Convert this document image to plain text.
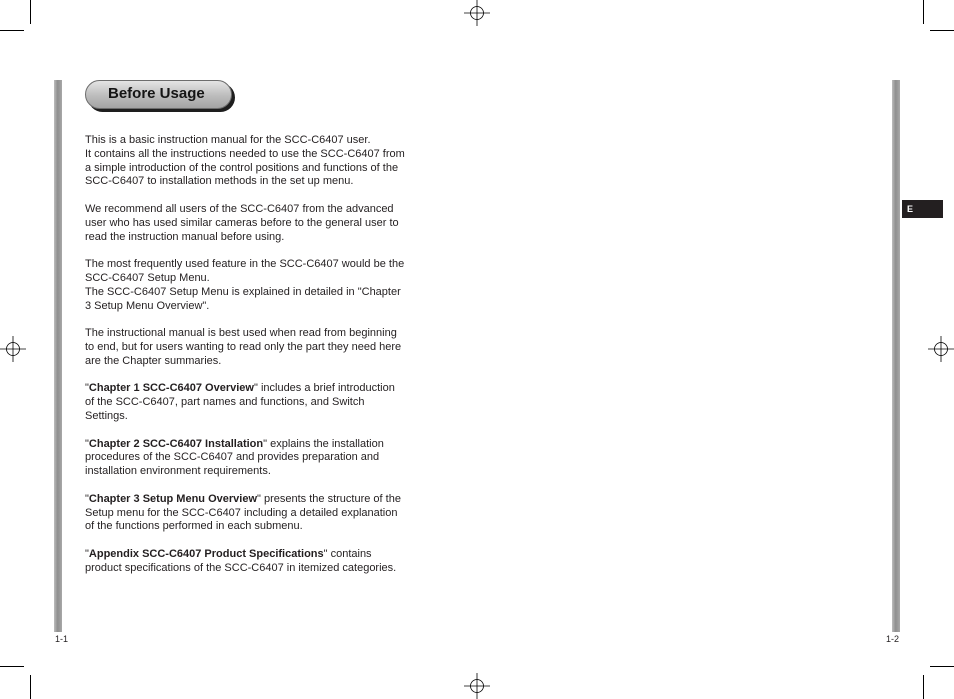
Before Usage

This is a basic instruction manual for the SCC-C6407 user.
It contains all the instructions needed to use the SCC-C6407 from
a simple introduction of the control positions and functions of the
SCC-C6407 to installation methods in the set up menu.

We recommend all users of the SCC-C6407 from the advanced
user who has used similar cameras before to the general user to
read the instruction manual before using.

The most frequently used feature in the SCC-C6407 would be the
SCC-C6407 Setup Menu.
The SCC-C6407 Setup Menu is explained in detailed in "Chapter
3 Setup Menu Overview".

The instructional manual is best used when read from beginning
to end, but for users wanting to read only the part they need here
are the Chapter summaries.

"Chapter 1 SCC-C6407 Overview" includes a brief introduction
of the SCC-C6407, part names and functions, and Switch
Settings.

"Chapter 2 SCC-C6407 Installation" explains the installation
procedures of the SCC-C6407 and provides preparation and
installation environment requirements.

"Chapter 3 Setup Menu Overview" presents the structure of the
Setup menu for the SCC-C6407 including a detailed explanation
of the functions performed in each submenu.

"Appendix SCC-C6407 Product Specifications" contains
product specifications of the SCC-C6407 in itemized categories.

E
1-1	1-2
